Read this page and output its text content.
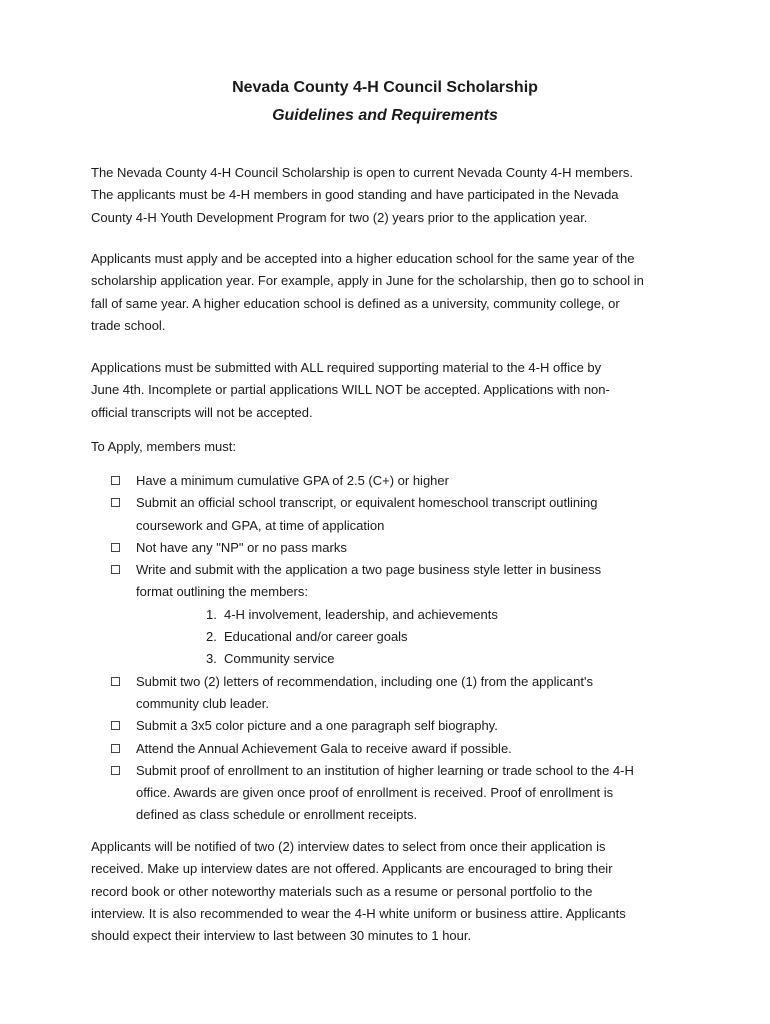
Nevada County 4-H Council Scholarship
Guidelines and Requirements
The Nevada County 4-H Council Scholarship is open to current Nevada County 4-H members.
The applicants must be 4-H members in good standing and have participated in the Nevada
County 4-H Youth Development Program for two (2) years prior to the application year.
Applicants must apply and be accepted into a higher education school for the same year of the
scholarship application year. For example, apply in June for the scholarship, then go to school in
fall of same year. A higher education school is defined as a university, community college, or
trade school.
Applications must be submitted with ALL required supporting material to the 4-H office by
June 4th. Incomplete or partial applications WILL NOT be accepted. Applications with non-
official transcripts will not be accepted.
To Apply, members must:
Have a minimum cumulative GPA of 2.5 (C+) or higher
Submit an official school transcript, or equivalent homeschool transcript outlining
coursework and GPA, at time of application
Not have any "NP" or no pass marks
Write and submit with the application a two page business style letter in business
format outlining the members:
1. 4-H involvement, leadership, and achievements
2. Educational and/or career goals
3. Community service
Submit two (2) letters of recommendation, including one (1) from the applicant's
community club leader.
Submit a 3x5 color picture and a one paragraph self biography.
Attend the Annual Achievement Gala to receive award if possible.
Submit proof of enrollment to an institution of higher learning or trade school to the 4-H
office. Awards are given once proof of enrollment is received. Proof of enrollment is
defined as class schedule or enrollment receipts.
Applicants will be notified of two (2) interview dates to select from once their application is
received. Make up interview dates are not offered. Applicants are encouraged to bring their
record book or other noteworthy materials such as a resume or personal portfolio to the
interview. It is also recommended to wear the 4-H white uniform or business attire. Applicants
should expect their interview to last between 30 minutes to 1 hour.
